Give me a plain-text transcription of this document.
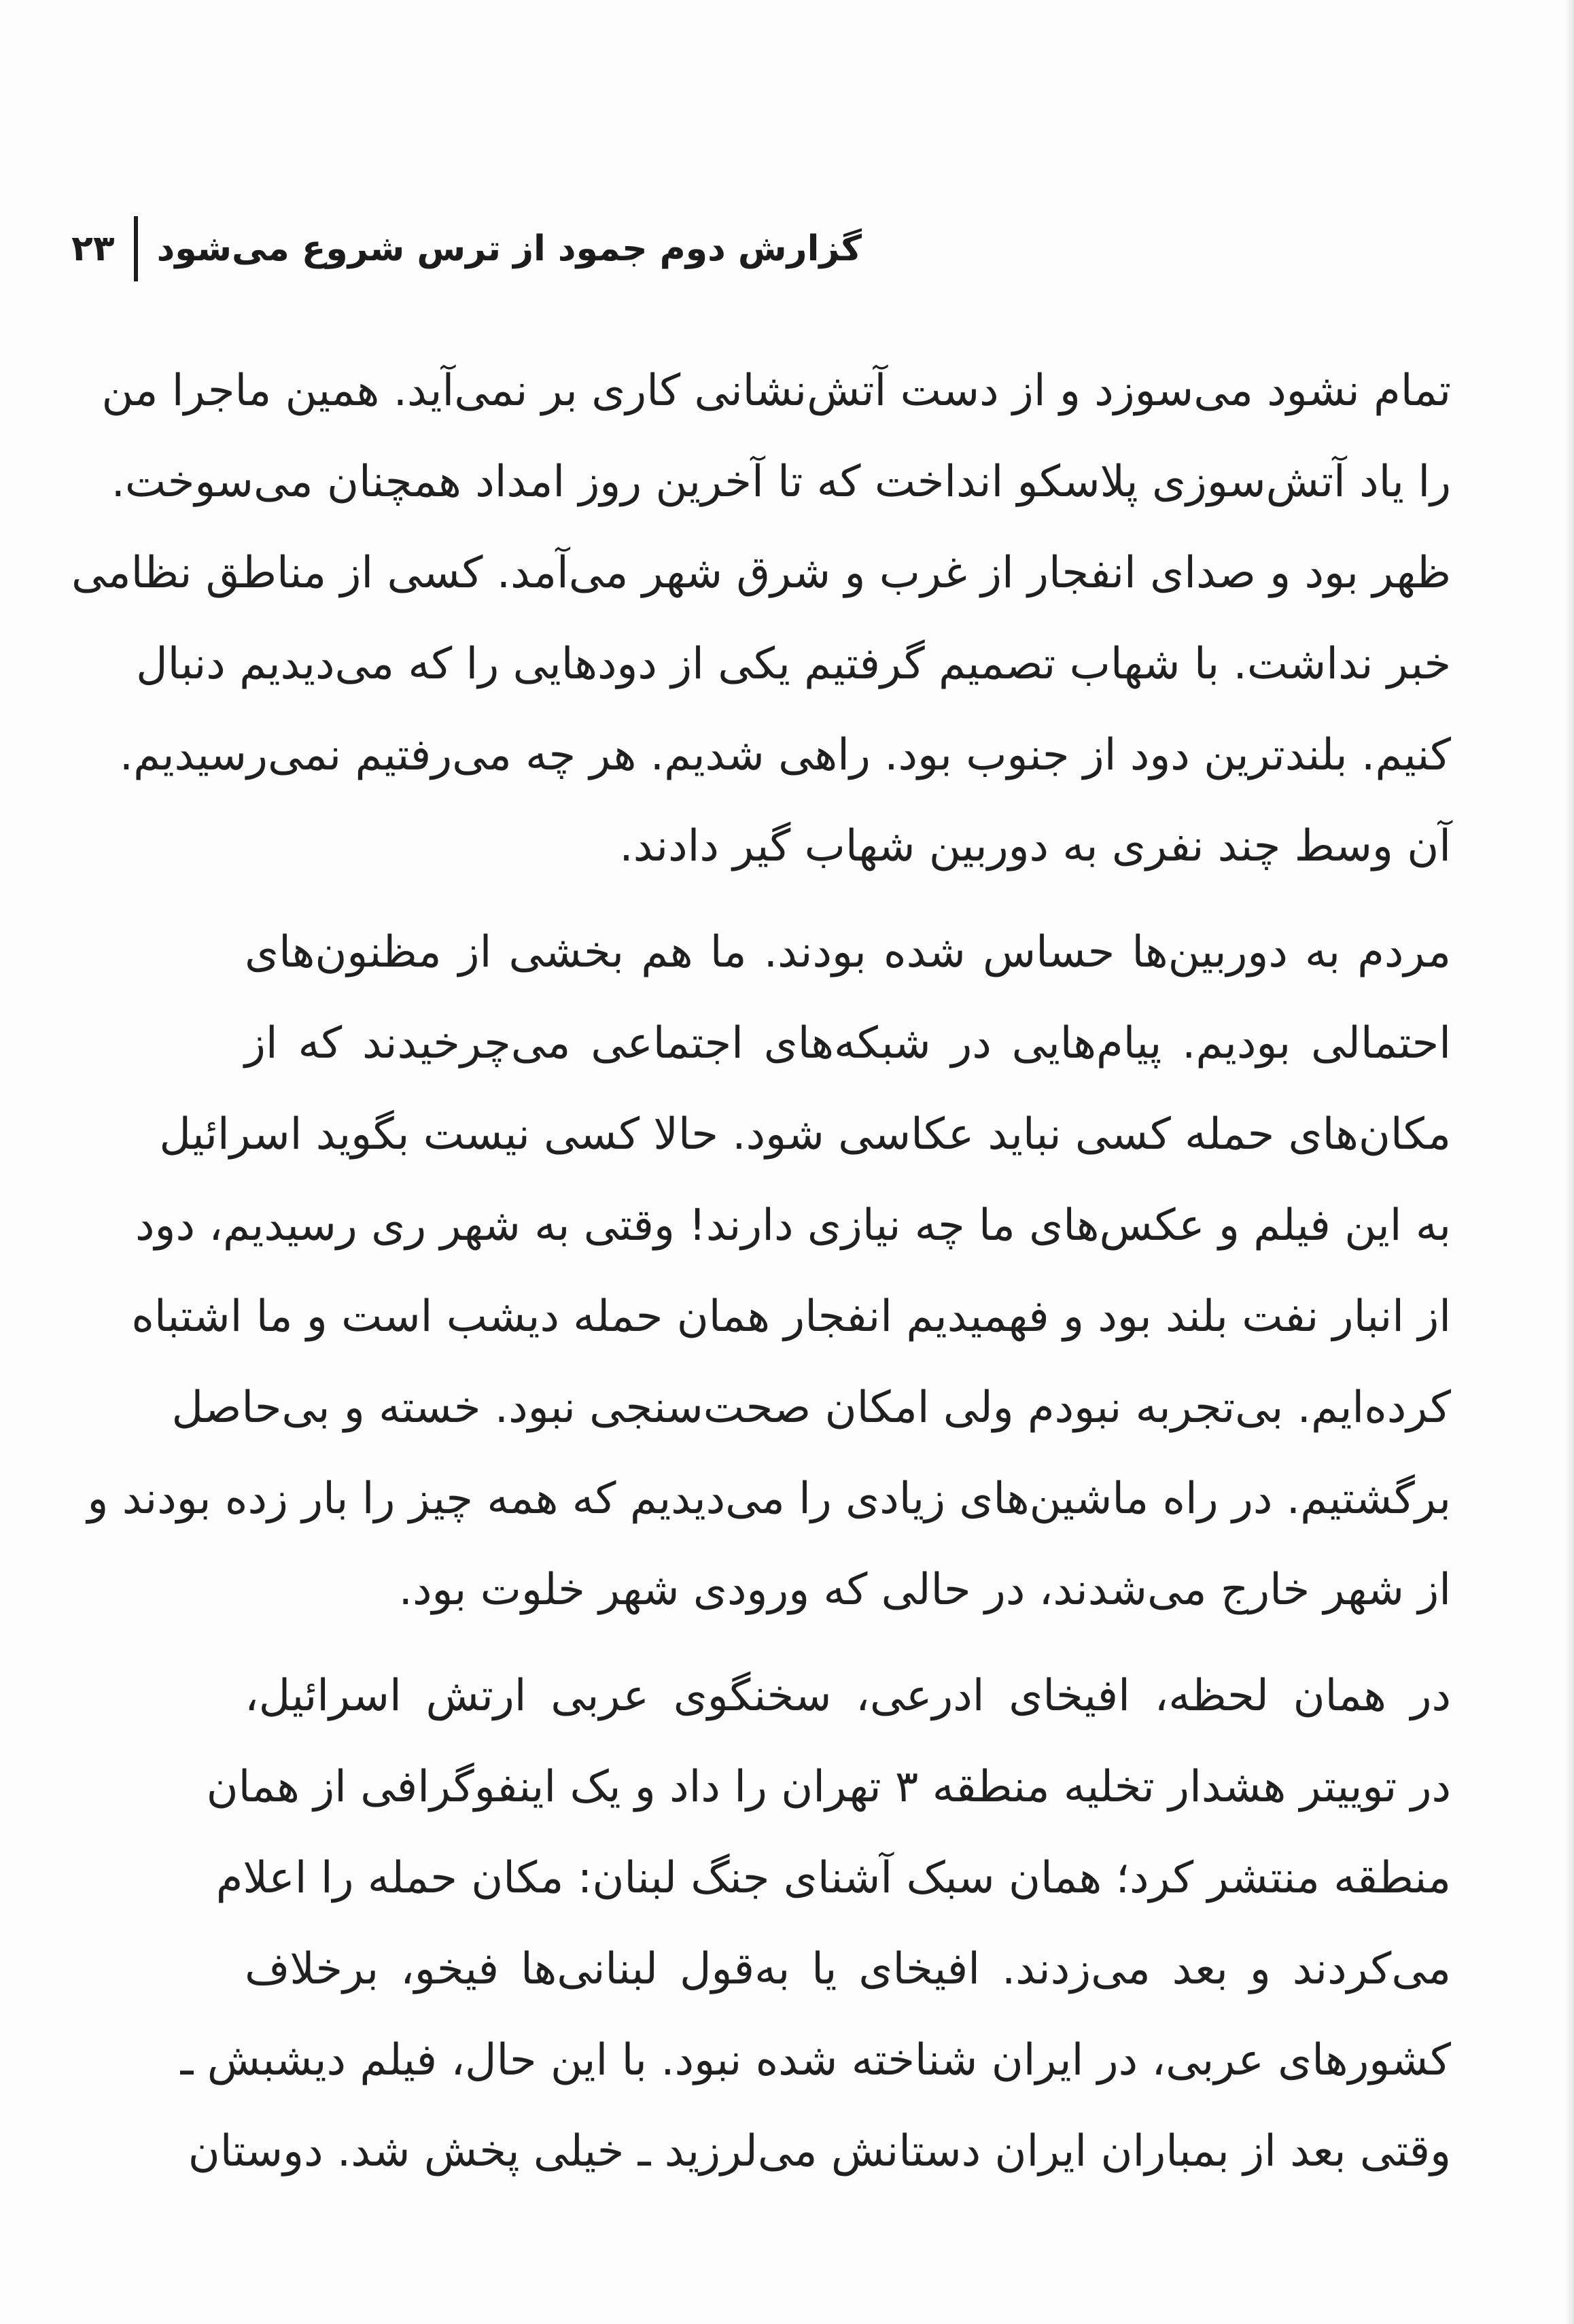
گزارش دوم جمود از ترس شروع می‌شود
۲۳
تمام نشود می‌سوزد و از دست آتش‌نشانی کاری بر نمی‌آید. همین ماجرا من
را یاد آتش‌سوزی پلاسکو انداخت که تا آخرین روز امداد همچنان می‌سوخت.
ظهر بود و صدای انفجار از غرب و شرق شهر می‌آمد. کسی از مناطق نظامی
خبر نداشت. با شهاب تصمیم گرفتیم یکی از دودهایی را که می‌دیدیم دنبال
کنیم. بلندترین دود از جنوب بود. راهی شدیم. هر چه می‌رفتیم نمی‌رسیدیم.
آن وسط چند نفری به دوربین شهاب گیر دادند.
مردم به دوربین‌ها حساس شده بودند. ما هم بخشی از مظنون‌های
احتمالی بودیم. پیام‌هایی در شبکه‌های اجتماعی می‌چرخیدند که از
مکان‌های حمله کسی نباید عکاسی شود. حالا کسی نیست بگوید اسرائیل
به این فیلم و عکس‌های ما چه نیازی دارند! وقتی به شهر ری رسیدیم، دود
از انبار نفت بلند بود و فهمیدیم انفجار همان حمله دیشب است و ما اشتباه
کرده‌ایم. بی‌تجربه نبودم ولی امکان صحت‌سنجی نبود. خسته و بی‌حاصل
برگشتیم. در راه ماشین‌های زیادی را می‌دیدیم که همه چیز را بار زده بودند و
از شهر خارج می‌شدند، در حالی که ورودی شهر خلوت بود.
در همان لحظه، افیخای ادرعی، سخنگوی عربی ارتش اسرائیل،
در توییتر هشدار تخلیه منطقه ۳ تهران را داد و یک اینفوگرافی از همان
منطقه منتشر کرد؛ همان سبک آشنای جنگ لبنان: مکان حمله را اعلام
می‌کردند و بعد می‌زدند. افیخای یا به‌قول لبنانی‌ها فیخو، برخلاف
کشورهای عربی، در ایران شناخته شده نبود. با این حال، فیلم دیشبش ـ
وقتی بعد از بمباران ایران دستانش می‌لرزید ـ خیلی پخش شد. دوستان
